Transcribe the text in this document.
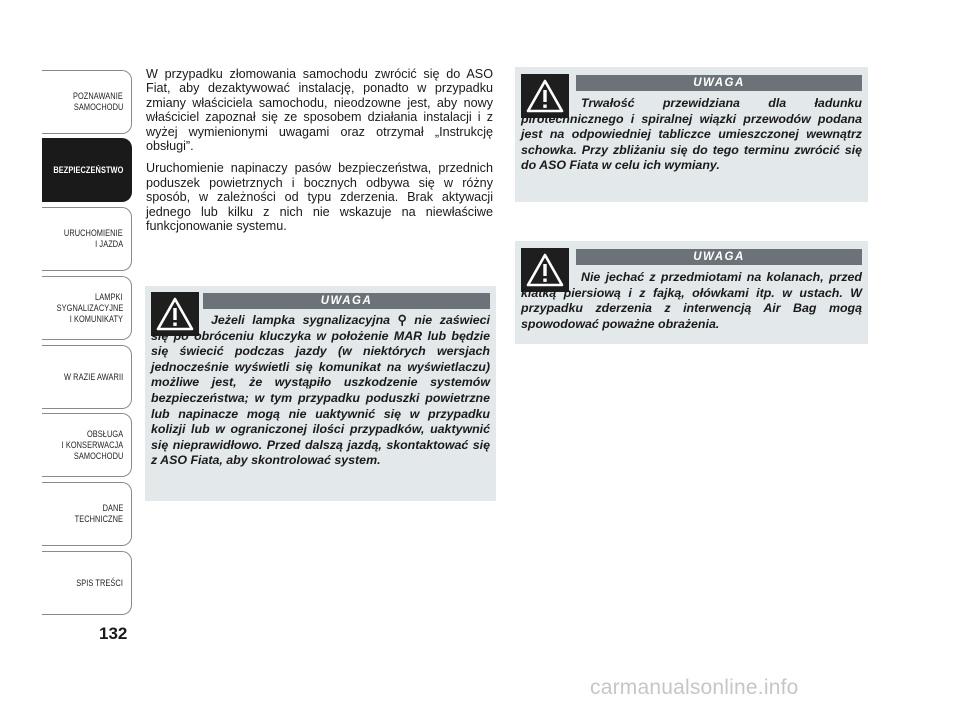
POZNAWANIE
SAMOCHODU
BEZPIECZEŃSTWO
URUCHOMIENIE
I JAZDA
LAMPKI
SYGNALIZACYJNE
I KOMUNIKATY
W RAZIE AWARII
OBSŁUGA
I KONSERWACJA
SAMOCHODU
DANE
TECHNICZNE
SPIS TREŚCI
132

W przypadku złomowania samochodu zwrócić się do ASO Fiat, aby dezaktywować instalację, ponadto w przypadku zmiany właściciela samochodu, nieodzowne jest, aby nowy właściciel zapoznał się ze sposobem działania instalacji i z wyżej wymienionymi uwagami oraz otrzymał „Instrukcję obsługi”.

Uruchomienie napinaczy pasów bezpieczeństwa, przednich poduszek powietrznych i bocznych odbywa się w różny sposób, w zależności od typu zderzenia. Brak aktywacji jednego lub kilku z nich nie wskazuje na niewłaściwe funkcjonowanie systemu.

UWAGA
Jeżeli lampka sygnalizacyjna ⚲ nie zaświeci się po obróceniu kluczyka w położenie MAR lub będzie się świecić podczas jazdy (w niektórych wersjach jednocześnie wyświetli się komunikat na wyświetlaczu) możliwe jest, że wystąpiło uszkodzenie systemów bezpieczeństwa; w tym przypadku poduszki powietrzne lub napinacze mogą nie uaktywnić się w przypadku kolizji lub w ograniczonej ilości przypadków, uaktywnić się nieprawidłowo. Przed dalszą jazdą, skontaktować się z ASO Fiata, aby skontrolować system.
UWAGA
Trwałość przewidziana dla ładunku pirotechnicznego i spiralnej wiązki przewodów podana jest na odpowiedniej tabliczce umieszczonej wewnątrz schowka. Przy zbliżaniu się do tego terminu zwrócić się do ASO Fiata w celu ich wymiany.
UWAGA
Nie jechać z przedmiotami na kolanach, przed klatką piersiową i z fajką, ołówkami itp. w ustach. W przypadku zderzenia z interwencją Air Bag mogą spowodować poważne obrażenia.
carmanualsonline.info
